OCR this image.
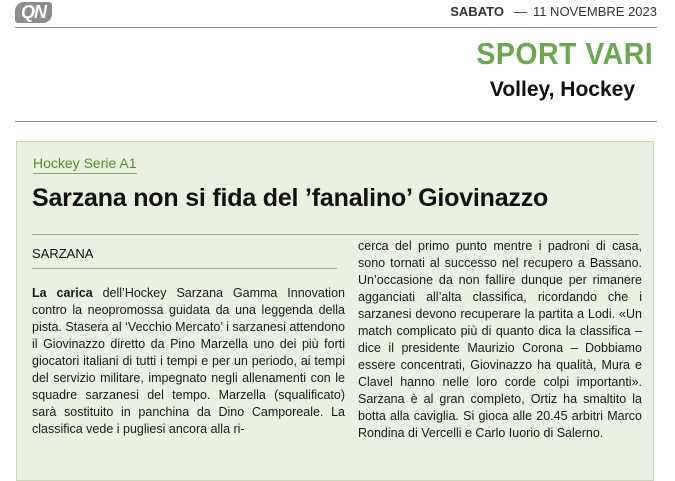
QN	SABATO — 11 NOVEMBRE 2023
SPORT VARI
Volley, Hockey
Hockey Serie A1
Sarzana non si fida del ’fanalino’ Giovinazzo
SARZANA
La carica dell’Hockey Sarzana Gamma Innovation contro la neopromossa guidata da una leggenda della pista. Stasera al ‘Vecchio Mercato’ i sarzanesi attendono il Giovinazzo diretto da Pino Marzella uno dei più forti giocatori italiani di tutti i tempi e per un periodo, ai tempi del servizio militare, impegnato negli allenamenti con le squadre sarzanesi del tempo. Marzella (squalificato) sarà sostituito in panchina da Dino Camporeale. La classifica vede i pugliesi ancora alla ri-
cerca del primo punto mentre i padroni di casa, sono tornati al successo nel recupero a Bassano. Un’occasione da non fallire dunque per rimanere agganciati all’alta classifica, ricordando che i sarzanesi devono recuperare la partita a Lodi. «Un match complicato più di quanto dica la classifica – dice il presidente Maurizio Corona – Dobbiamo essere concentrati, Giovinazzo ha qualità, Mura e Clavel hanno nelle loro corde colpi importanti». Sarzana è al gran completo, Ortiz ha smaltito la botta alla caviglia. Si gioca alle 20.45 arbitri Marco Rondina di Vercelli e Carlo Iuorio di Salerno.
